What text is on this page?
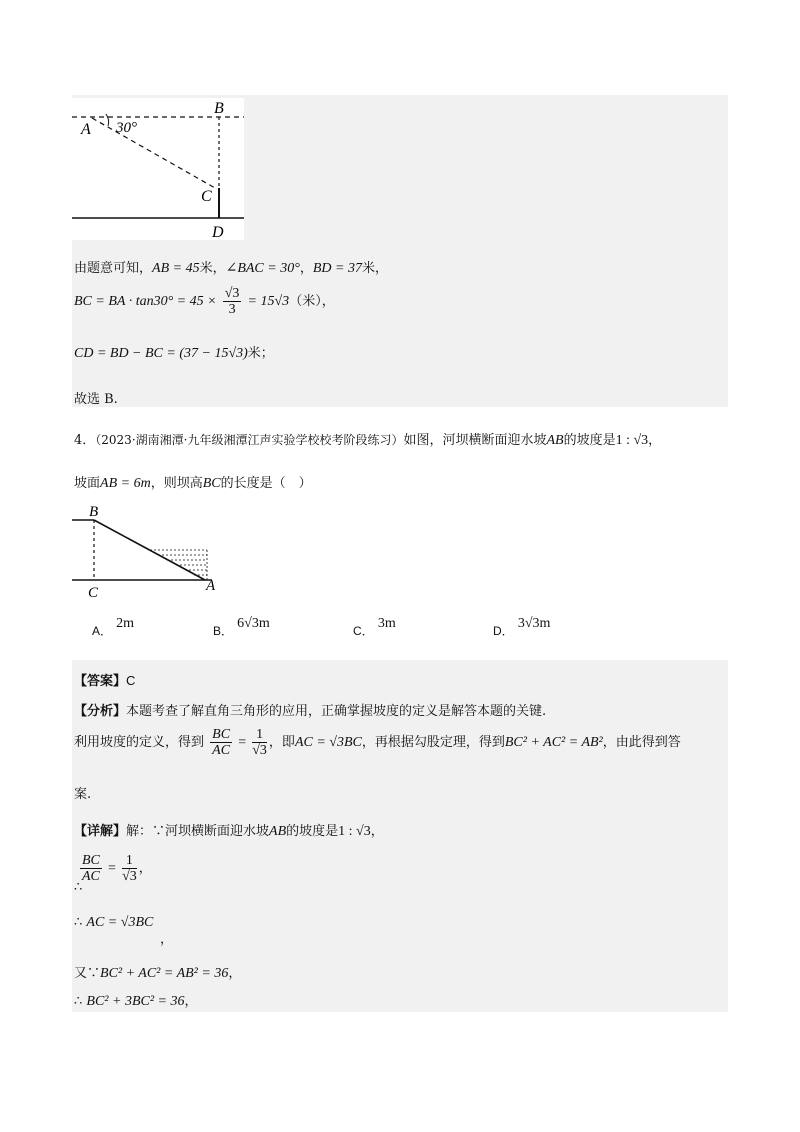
A 30°
B
C
D
由题意可知，AB = 45米，∠BAC = 30°，BD = 37米，
BC = BA · $\tan 30^\circ = 45 \times \frac{√3}{3} = 15√3$（米），
CD = BD − BC = (37 − 15√3)米；
故选 B.
4．（2023·湖南湘潭·九年级湘潭江声实验学校校考阶段练习）如图，河坝横断面迎水坡AB的坡度是1 : √3，
坡面AB = 6m，则坝高BC的长度是（　）
B
C	A
A． 2m	B． 6√3m	C． 3m	D． 3√3m
【答案】C
【分析】本题考查了解直角三角形的应用，正确掌握坡度的定义是解答本题的关键.
利用坡度的定义，得到 $\frac{BC}{AC} = \frac{1}{√3}$ ，即AC = √3BC，再根据勾股定理，得到BC² + AC² = AB²，由此得到答
案.
【详解】解：∵河坝横断面迎水坡AB的坡度是1 : √3，
$\frac{BC}{AC} = \frac{1}{√3}$ ，
∴
∴ AC = √3BC
，
又∵BC² + AC² = AB² = 36，
∴ BC² + 3BC² = 36，
